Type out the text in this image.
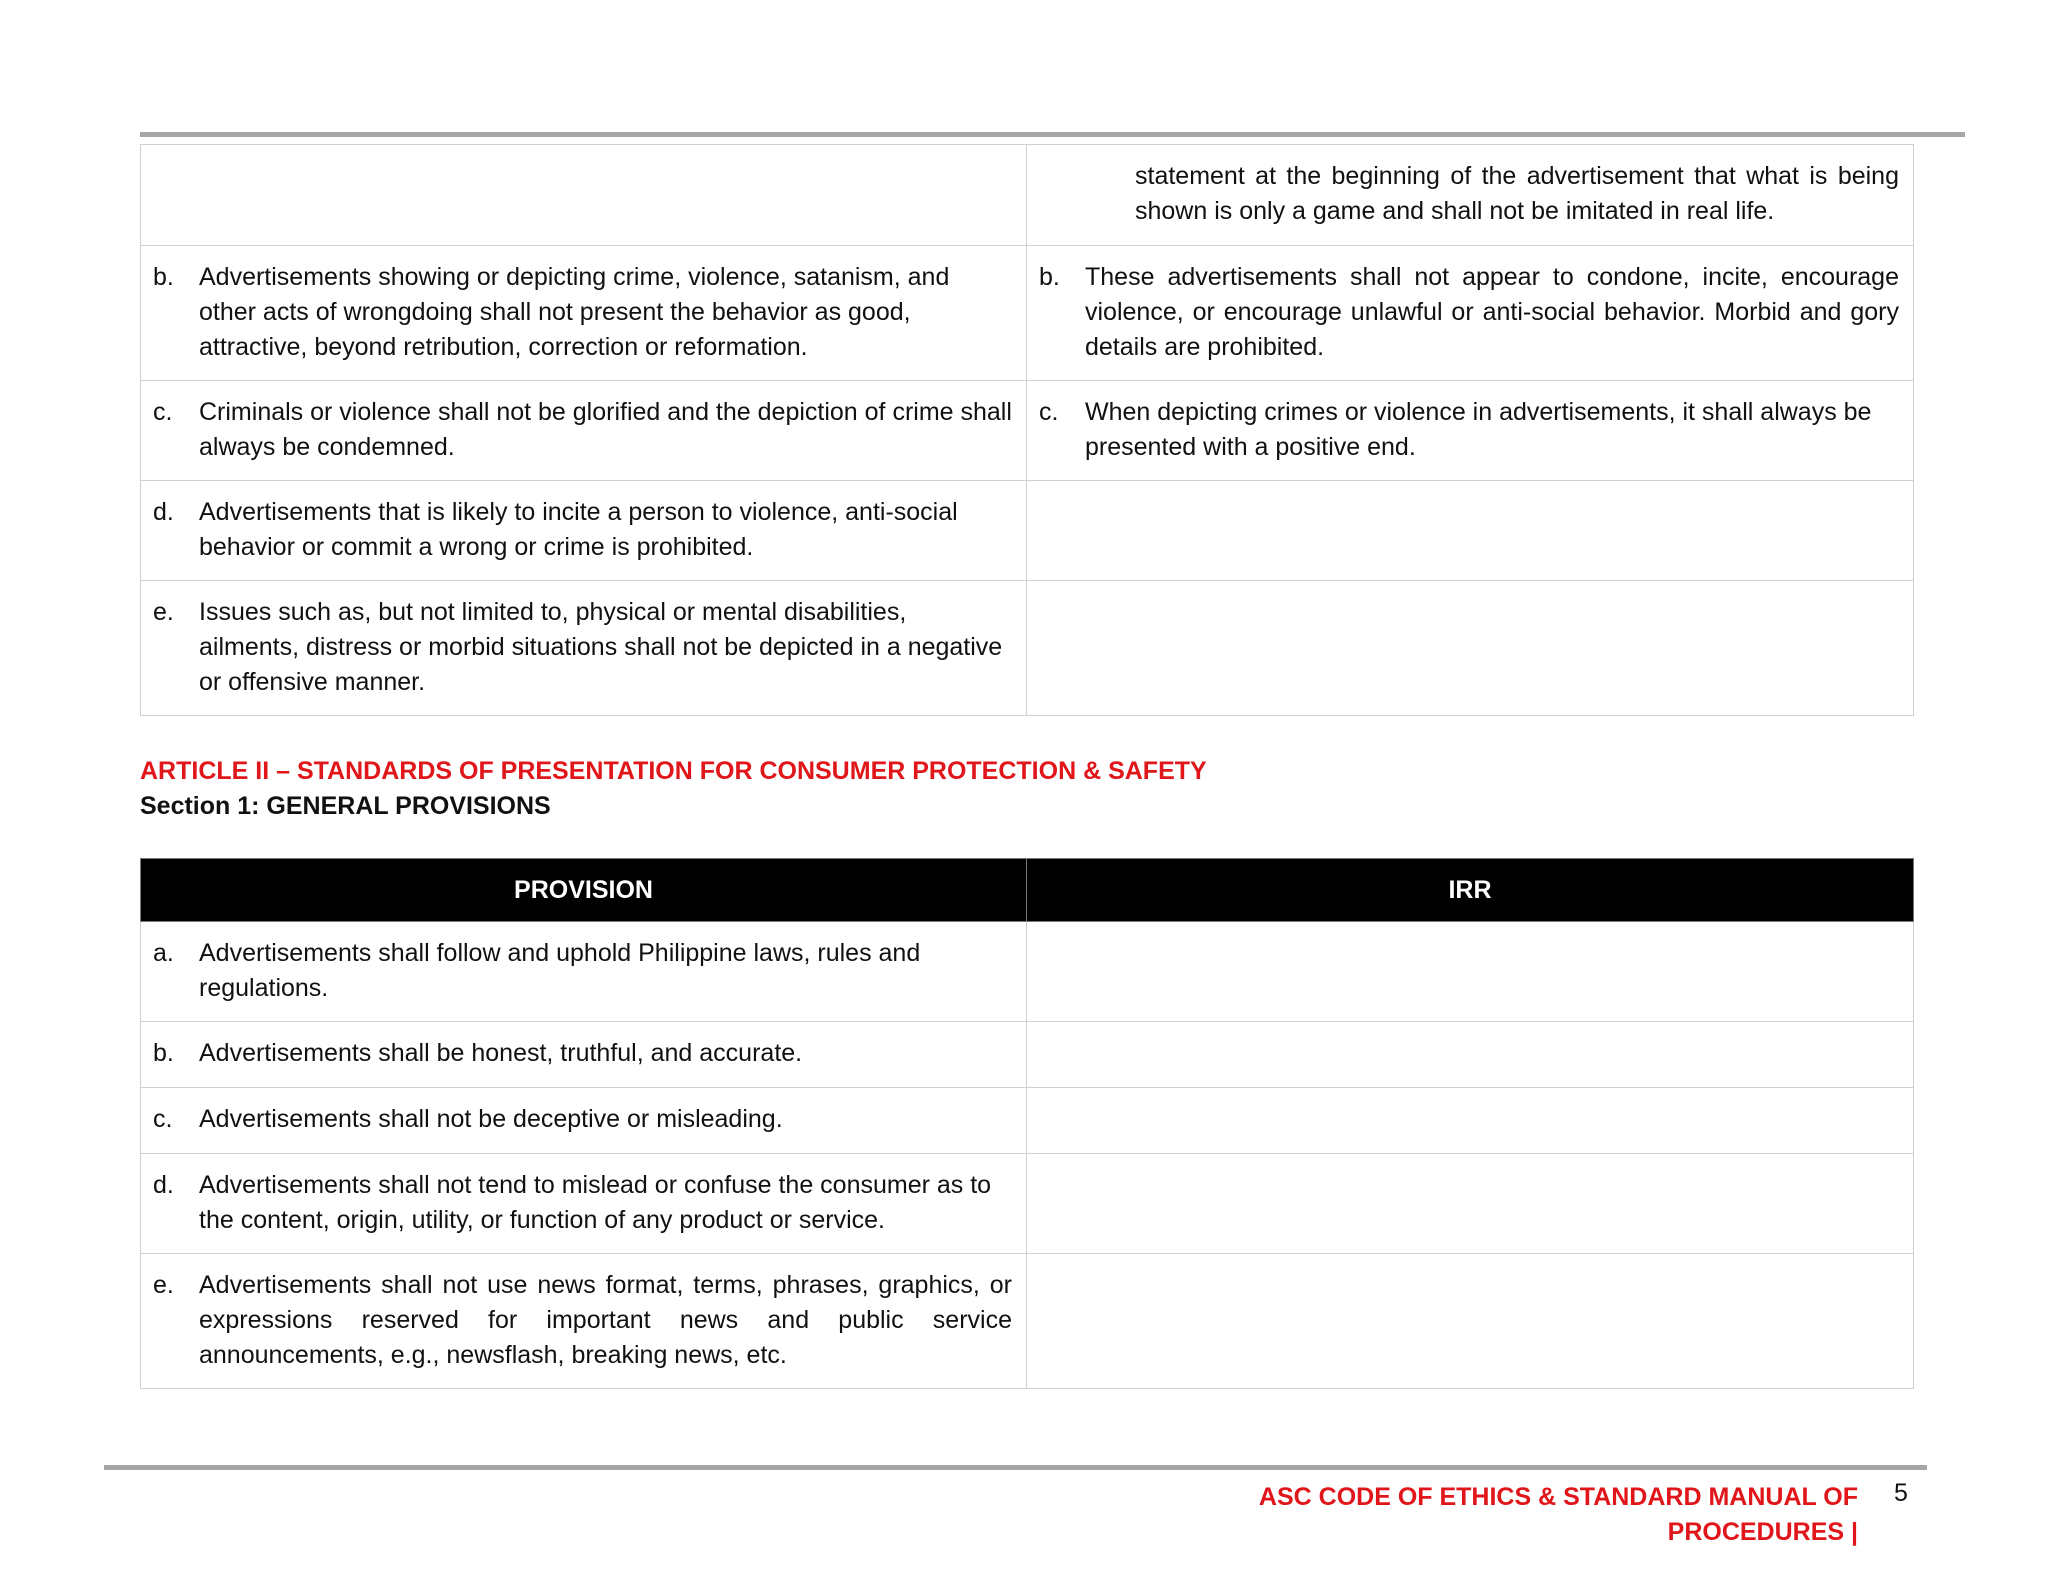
	statement at the beginning of the advertisement that what is being shown is only a game and shall not be imitated in real life.

b. Advertisements showing or depicting crime, violence, satanism, and other acts of wrongdoing shall not present the behavior as good, attractive, beyond retribution, correction or reformation.	b. These advertisements shall not appear to condone, incite, encourage violence, or encourage unlawful or anti-social behavior. Morbid and gory details are prohibited.

c. Criminals or violence shall not be glorified and the depiction of crime shall always be condemned.	c. When depicting crimes or violence in advertisements, it shall always be presented with a positive end.

d. Advertisements that is likely to incite a person to violence, anti-social behavior or commit a wrong or crime is prohibited.	

e. Issues such as, but not limited to, physical or mental disabilities, ailments, distress or morbid situations shall not be depicted in a negative or offensive manner.	

ARTICLE II – STANDARDS OF PRESENTATION FOR CONSUMER PROTECTION & SAFETY
Section 1: GENERAL PROVISIONS
PROVISION	IRR

a. Advertisements shall follow and uphold Philippine laws, rules and regulations.	

b. Advertisements shall be honest, truthful, and accurate.	

c. Advertisements shall not be deceptive or misleading.	

d. Advertisements shall not tend to mislead or confuse the consumer as to the content, origin, utility, or function of any product or service.	

e. Advertisements shall not use news format, terms, phrases, graphics, or expressions reserved for important news and public service announcements, e.g., newsflash, breaking news, etc.	

ASC CODE OF ETHICS & STANDARD MANUAL OF PROCEDURES |
5
